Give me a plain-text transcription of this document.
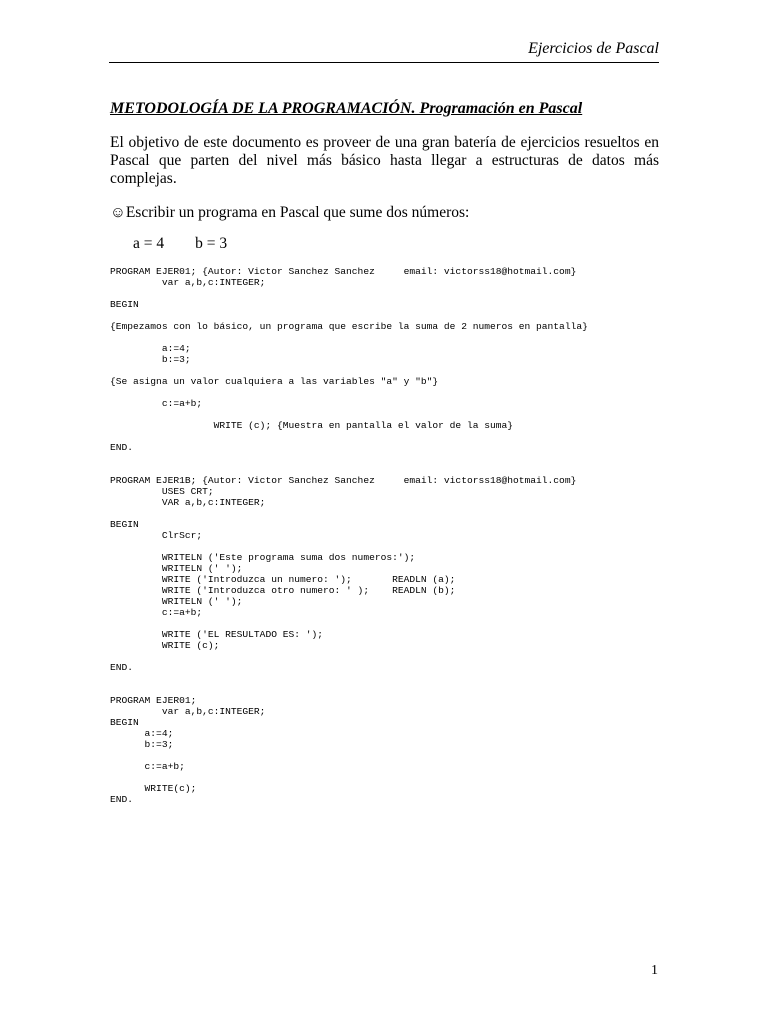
Ejercicios de Pascal
METODOLOGÍA DE LA PROGRAMACIÓN. Programación en Pascal

El objetivo de este documento es proveer de una gran batería de ejercicios resueltos en Pascal que parten del nivel más básico hasta llegar a estructuras de datos más complejas.

☺Escribir un programa en Pascal que sume dos números:
a = 4        b = 3
PROGRAM EJER01; {Autor: Victor Sanchez Sanchez     email: victorss18@hotmail.com}
var a,b,c:INTEGER;

BEGIN

{Empezamos con lo básico, un programa que escribe la suma de 2 numeros en pantalla}

a:=4;
b:=3;

{Se asigna un valor cualquiera a las variables "a" y "b"}

c:=a+b;

WRITE (c); {Muestra en pantalla el valor de la suma}

END.

PROGRAM EJER1B; {Autor: Victor Sanchez Sanchez     email: victorss18@hotmail.com}
USES CRT;
VAR a,b,c:INTEGER;

BEGIN
ClrScr;

WRITELN ('Este programa suma dos numeros:');
WRITELN (' ');
WRITE ('Introduzca un numero: ');       READLN (a);
WRITE ('Introduzca otro numero: ' );    READLN (b);
WRITELN (' ');
c:=a+b;

WRITE ('EL RESULTADO ES: ');
WRITE (c);

END.

PROGRAM EJER01;
var a,b,c:INTEGER;
BEGIN
a:=4;
b:=3;

c:=a+b;

WRITE(c);
END.
1
